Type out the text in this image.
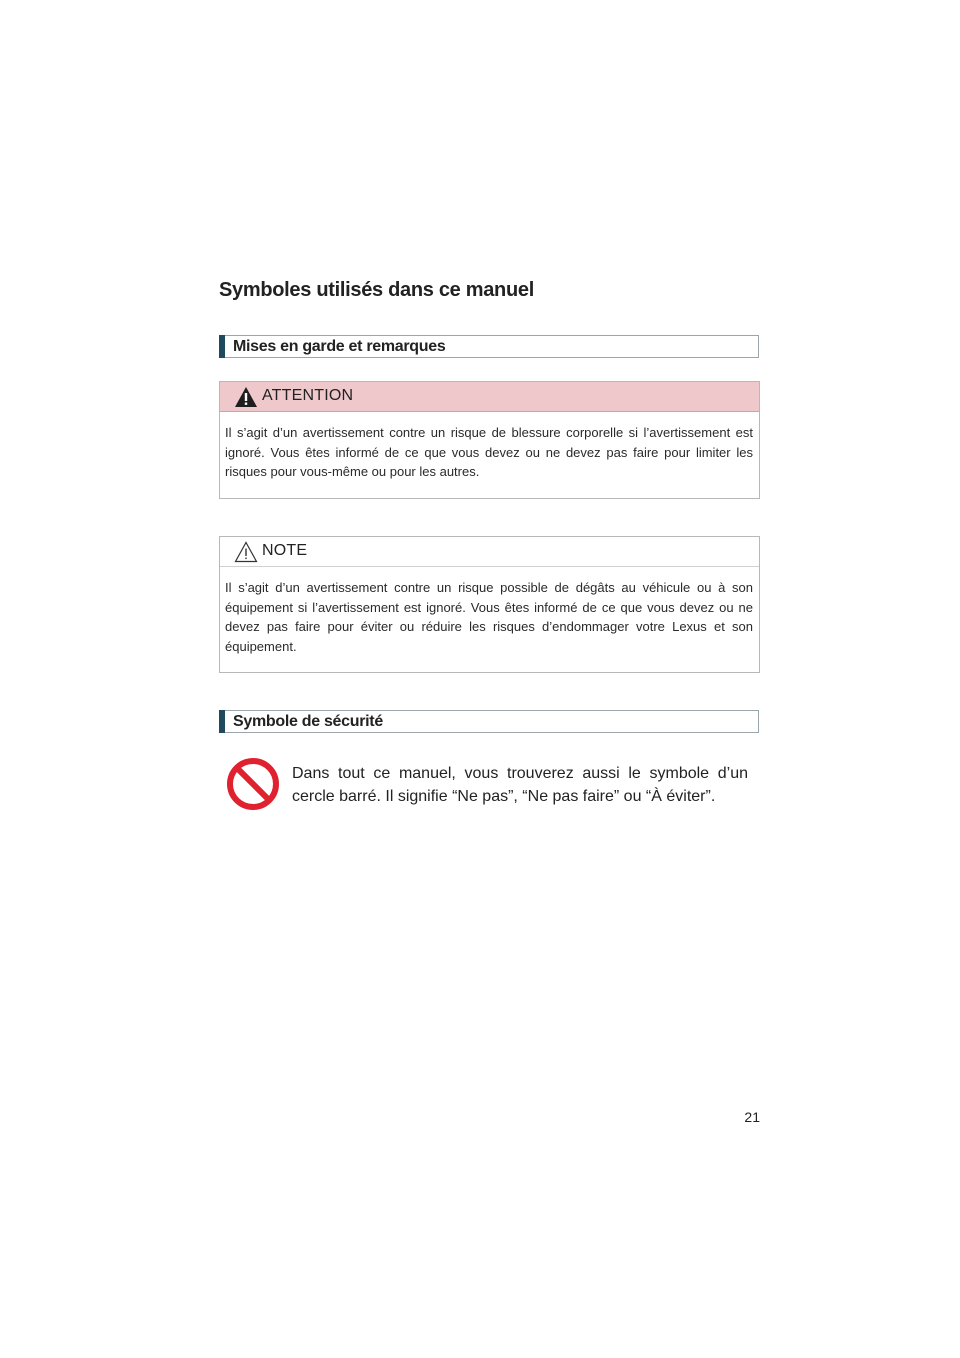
Symboles utilisés dans ce manuel
Mises en garde et remarques
ATTENTION
Il s’agit d’un avertissement contre un risque de blessure corporelle si l’avertissement est ignoré. Vous êtes informé de ce que vous devez ou ne devez pas faire pour limiter les risques pour vous-même ou pour les autres.
NOTE
Il s’agit d’un avertissement contre un risque possible de dégâts au véhicule ou à son équipement si l’avertissement est ignoré. Vous êtes informé de ce que vous devez ou ne devez pas faire pour éviter ou réduire les risques d’endommager votre Lexus et son équipement.
Symbole de sécurité
Dans tout ce manuel, vous trouverez aussi le symbole d’un cercle barré. Il signifie “Ne pas”, “Ne pas faire” ou “À éviter”.
21
